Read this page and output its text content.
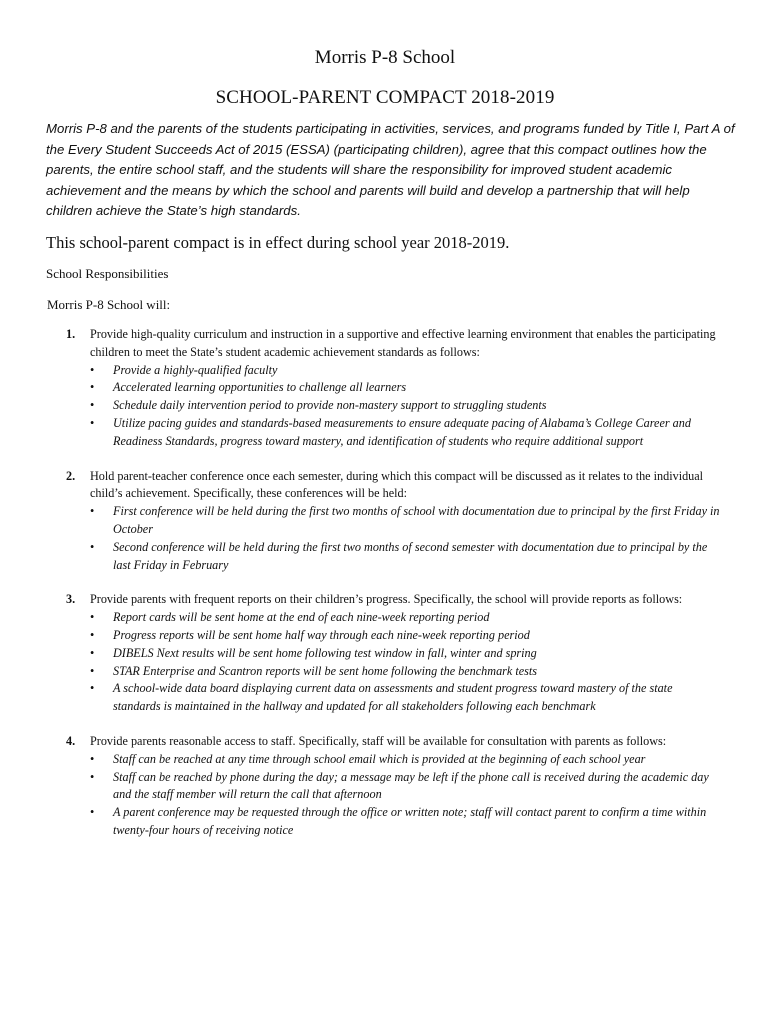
Morris P-8 School
SCHOOL-PARENT COMPACT 2018-2019

Morris P-8 and the parents of the students participating in activities, services, and programs funded by Title I, Part A of the Every Student Succeeds Act of 2015 (ESSA) (participating children), agree that this compact outlines how the parents, the entire school staff, and the students will share the responsibility for improved student academic achievement and the means by which the school and parents will build and develop a partnership that will help children achieve the State’s high standards.

This school-parent compact is in effect during school year 2018-2019.

School Responsibilities

Morris P-8 School will:

1. Provide high-quality curriculum and instruction in a supportive and effective learning environment that enables the participating children to meet the State’s student academic achievement standards as follows:
• Provide a highly-qualified faculty
• Accelerated learning opportunities to challenge all learners
• Schedule daily intervention period to provide non-mastery support to struggling students
• Utilize pacing guides and standards-based measurements to ensure adequate pacing of Alabama’s College Career and Readiness Standards, progress toward mastery, and identification of students who require additional support
2. Hold parent-teacher conference once each semester, during which this compact will be discussed as it relates to the individual child’s achievement. Specifically, these conferences will be held:
• First conference will be held during the first two months of school with documentation due to principal by the first Friday in October
• Second conference will be held during the first two months of second semester with documentation due to principal by the last Friday in February
3. Provide parents with frequent reports on their children’s progress. Specifically, the school will provide reports as follows:
• Report cards will be sent home at the end of each nine-week reporting period
• Progress reports will be sent home half way through each nine-week reporting period
• DIBELS Next results will be sent home following test window in fall, winter and spring
• STAR Enterprise and Scantron reports will be sent home following the benchmark tests
• A school-wide data board displaying current data on assessments and student progress toward mastery of the state standards is maintained in the hallway and updated for all stakeholders following each benchmark
4. Provide parents reasonable access to staff. Specifically, staff will be available for consultation with parents as follows:
• Staff can be reached at any time through school email which is provided at the beginning of each school year
• Staff can be reached by phone during the day; a message may be left if the phone call is received during the academic day and the staff member will return the call that afternoon
• A parent conference may be requested through the office or written note; staff will contact parent to confirm a time within twenty-four hours of receiving notice
